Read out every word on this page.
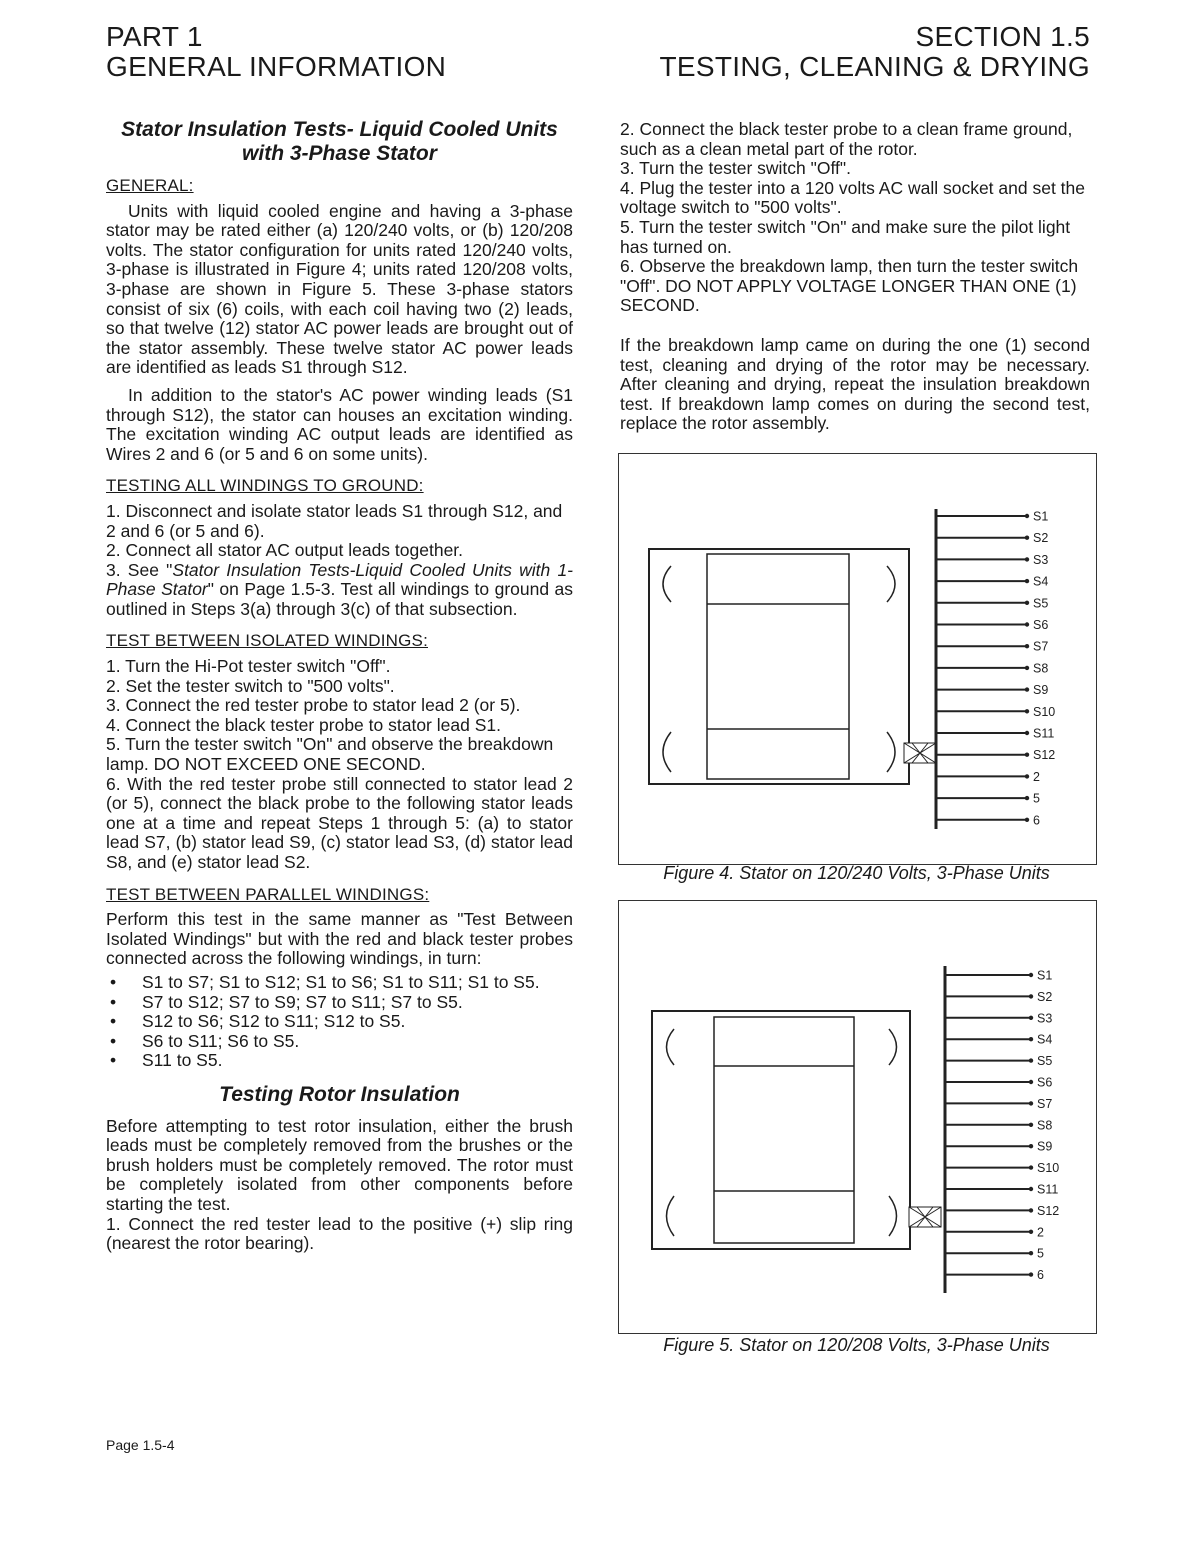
PART 1
GENERAL INFORMATION
SECTION 1.5
TESTING, CLEANING & DRYING
Stator Insulation Tests- Liquid Cooled Units with 3-Phase Stator
GENERAL:

Units with liquid cooled engine and having a 3-phase stator may be rated either (a) 120/240 volts, or (b) 120/208 volts. The stator configuration for units rated 120/240 volts, 3-phase is illustrated in Figure 4; units rated 120/208 volts, 3-phase are shown in Figure 5. These 3-phase stators consist of six (6) coils, with each coil having two (2) leads, so that twelve (12) stator AC power leads are brought out of the stator assembly. These twelve stator AC power leads are identified as leads S1 through S12.

In addition to the stator's AC power winding leads (S1 through S12), the stator can houses an excitation winding. The excitation winding AC output leads are identified as Wires 2 and 6 (or 5 and 6 on some units).

TESTING ALL WINDINGS TO GROUND:
1. Disconnect and isolate stator leads S1 through S12, and 2 and 6 (or 5 and 6).
2. Connect all stator AC output leads together.
3. See "Stator Insulation Tests-Liquid Cooled Units with 1-Phase Stator" on Page 1.5-3. Test all windings to ground as outlined in Steps 3(a) through 3(c) of that subsection.
TEST BETWEEN ISOLATED WINDINGS:
1. Turn the Hi-Pot tester switch "Off".
2. Set the tester switch to "500 volts".
3. Connect the red tester probe to stator lead 2 (or 5).
4. Connect the black tester probe to stator lead S1.
5. Turn the tester switch "On" and observe the breakdown lamp. DO NOT EXCEED ONE SECOND.
6. With the red tester probe still connected to stator lead 2 (or 5), connect the black probe to the following stator leads one at a time and repeat Steps 1 through 5: (a) to stator lead S7, (b) stator lead S9, (c) stator lead S3, (d) stator lead S8, and (e) stator lead S2.
TEST BETWEEN PARALLEL WINDINGS:

Perform this test in the same manner as "Test Between Isolated Windings" but with the red and black tester probes connected across the following windings, in turn:

• S1 to S7; S1 to S12; S1 to S6; S1 to S11; S1 to S5.
• S7 to S12; S7 to S9; S7 to S11; S7 to S5.
• S12 to S6; S12 to S11; S12 to S5.
• S6 to S11; S6 to S5.
• S11 to S5.
Testing Rotor Insulation

Before attempting to test rotor insulation, either the brush leads must be completely removed from the brushes or the brush holders must be completely removed. The rotor must be completely isolated from other components before starting the test.

1. Connect the red tester lead to the positive (+) slip ring (nearest the rotor bearing).

2. Connect the black tester probe to a clean frame ground, such as a clean metal part of the rotor.
3. Turn the tester switch "Off".
4. Plug the tester into a 120 volts AC wall socket and set the voltage switch to "500 volts".
5. Turn the tester switch "On" and make sure the pilot light has turned on.
6. Observe the breakdown lamp, then turn the tester switch "Off". DO NOT APPLY VOLTAGE LONGER THAN ONE (1) SECOND.

If the breakdown lamp came on during the one (1) second test, cleaning and drying of the rotor may be necessary. After cleaning and drying, repeat the insulation breakdown test. If breakdown lamp comes on during the second test, replace the rotor assembly.

S1
S2
S3
S4
S5
S6
S7
S8
S9
S10
S11
S12
2
5
6
Figure 4. Stator on 120/240 Volts, 3-Phase Units
S1
S2
S3
S4
S5
S6
S7
S8
S9
S10
S11
S12
2
5
6
Figure 5. Stator on 120/208 Volts, 3-Phase Units
Page 1.5-4
